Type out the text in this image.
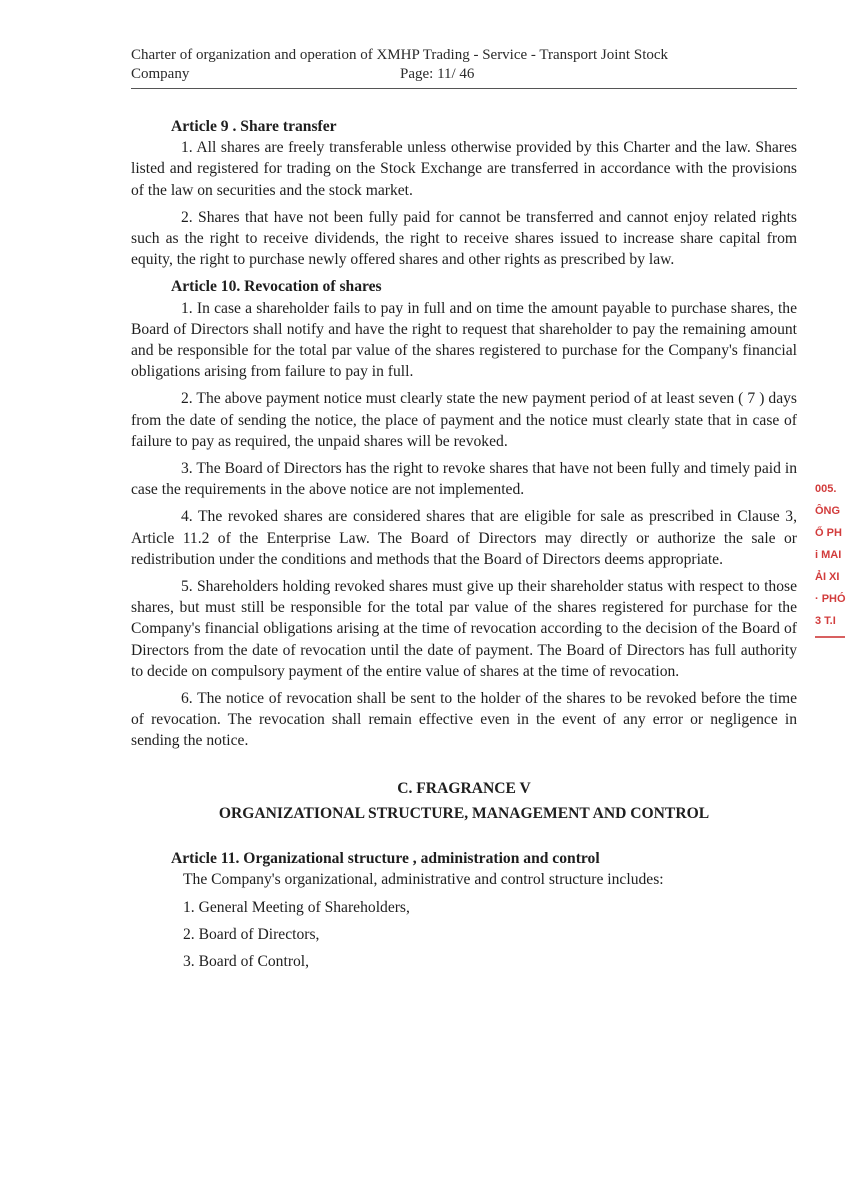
Charter of organization and operation of XMHP Trading - Service - Transport Joint Stock
Company	Page: 11/ 46

Article 9 . Share transfer

1. All shares are freely transferable unless otherwise provided by this Charter and the law. Shares listed and registered for trading on the Stock Exchange are transferred in accordance with the provisions of the law on securities and the stock market.

2. Shares that have not been fully paid for cannot be transferred and cannot enjoy related rights such as the right to receive dividends, the right to receive shares issued to increase share capital from equity, the right to purchase newly offered shares and other rights as prescribed by law.

Article 10. Revocation of shares

1. In case a shareholder fails to pay in full and on time the amount payable to purchase shares, the Board of Directors shall notify and have the right to request that shareholder to pay the remaining amount and be responsible for the total par value of the shares registered to purchase for the Company's financial obligations arising from failure to pay in full.

2. The above payment notice must clearly state the new payment period of at least seven ( 7 ) days from the date of sending the notice, the place of payment and the notice must clearly state that in case of failure to pay as required, the unpaid shares will be revoked.

3. The Board of Directors has the right to revoke shares that have not been fully and timely paid in case the requirements in the above notice are not implemented.

4. The revoked shares are considered shares that are eligible for sale as prescribed in Clause 3, Article 11.2 of the Enterprise Law. The Board of Directors may directly or authorize the sale or redistribution under the conditions and methods that the Board of Directors deems appropriate.

5. Shareholders holding revoked shares must give up their shareholder status with respect to those shares, but must still be responsible for the total par value of the shares registered for purchase for the Company's financial obligations arising at the time of revocation according to the decision of the Board of Directors from the date of revocation until the date of payment. The Board of Directors has full authority to decide on compulsory payment of the entire value of shares at the time of revocation.

6. The notice of revocation shall be sent to the holder of the shares to be revoked before the time of revocation. The revocation shall remain effective even in the event of any error or negligence in sending the notice.

C. FRAGRANCE V

ORGANIZATIONAL STRUCTURE, MANAGEMENT AND CONTROL

Article 11. Organizational structure , administration and control

The Company's organizational, administrative and control structure includes:

1. General Meeting of Shareholders,

2. Board of Directors,

3. Board of Control,

005.
ÔNG
Ổ PH
i MAI
ẢI XI
· PHÓ
3 T.I
